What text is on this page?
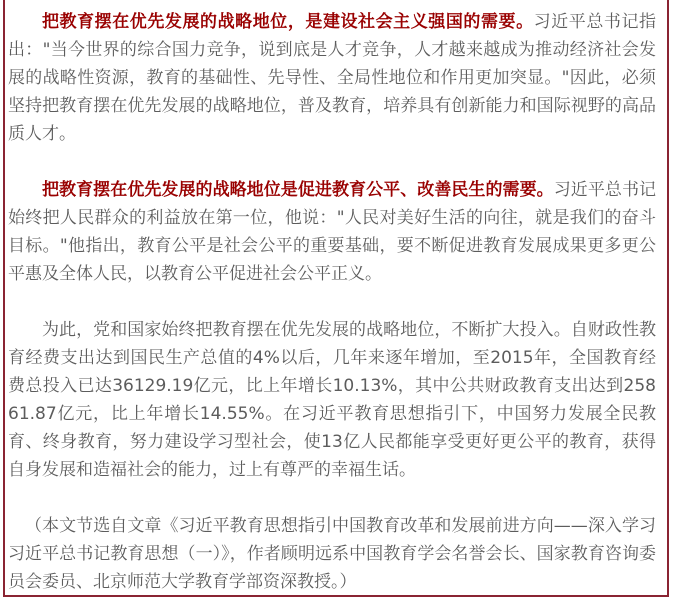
把教育摆在优先发展的战略地位，是建设社会主义强国的需要。习近平总书记指出："当今世界的综合国力竞争，说到底是人才竞争，人才越来越成为推动经济社会发展的战略性资源，教育的基础性、先导性、全局性地位和作用更加突显。"因此，必须坚持把教育摆在优先发展的战略地位，普及教育，培养具有创新能力和国际视野的高品质人才。

把教育摆在优先发展的战略地位是促进教育公平、改善民生的需要。习近平总书记始终把人民群众的利益放在第一位，他说："人民对美好生活的向往，就是我们的奋斗目标。"他指出，教育公平是社会公平的重要基础，要不断促进教育发展成果更多更公平惠及全体人民，以教育公平促进社会公平正义。

为此，党和国家始终把教育摆在优先发展的战略地位，不断扩大投入。自财政性教育经费支出达到国民生产总值的4%以后，几年来逐年增加，至2015年，全国教育经费总投入已达36129.19亿元，比上年增长10.13%，其中公共财政教育支出达到25861.87亿元，比上年增长14.55%。在习近平教育思想指引下，中国努力发展全民教育、终身教育，努力建设学习型社会，使13亿人民都能享受更好更公平的教育，获得自身发展和造福社会的能力，过上有尊严的幸福生话。

（本文节选自文章《习近平教育思想指引中国教育改革和发展前进方向——深入学习习近平总书记教育思想（一）》，作者顾明远系中国教育学会名誉会长、国家教育咨询委员会委员、北京师范大学教育学部资深教授。）
